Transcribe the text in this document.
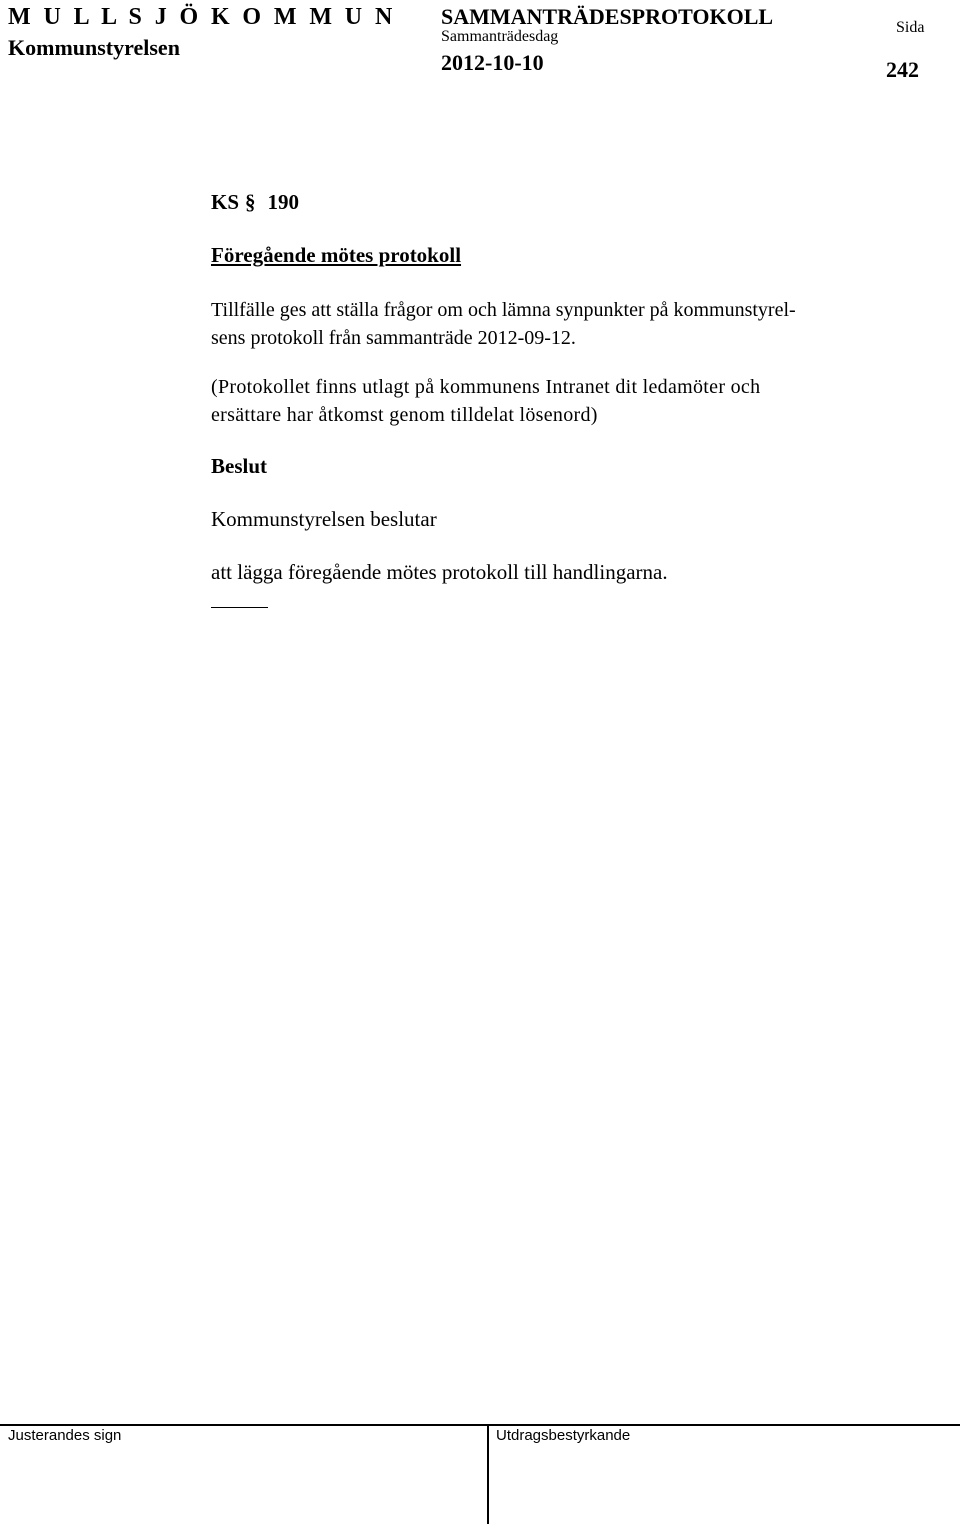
M U L L S J Ö K O M M U N
Kommunstyrelsen
SAMMANTRÄDESPROTOKOLL
Sammanträdesdag
2012-10-10
Sida
242
KS § 190
Föregående mötes protokoll
Tillfälle ges att ställa frågor om och lämna synpunkter på kommunstyrel-
sens protokoll från sammanträde 2012-09-12.
(Protokollet finns utlagt på kommunens Intranet dit ledamöter och
ersättare har åtkomst genom tilldelat lösenord)
Beslut
Kommunstyrelsen beslutar
att lägga föregående mötes protokoll till handlingarna.
Justerandes sign	Utdragsbestyrkande
